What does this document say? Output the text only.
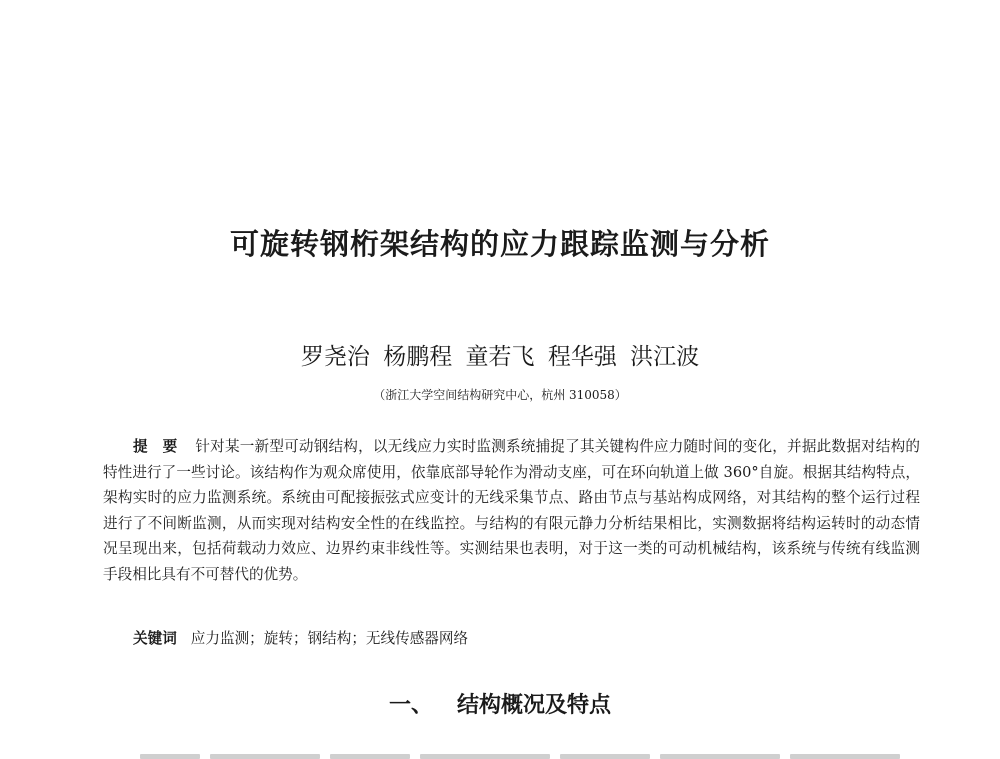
可旋转钢桁架结构的应力跟踪监测与分析
罗尧治 杨鹏程 童若飞 程华强 洪江波
（浙江大学空间结构研究中心，杭州 310058）
提　要 针对某一新型可动钢结构，以无线应力实时监测系统捕捉了其关键构件应力随时间的变化，并据此数据对结构的特性进行了一些讨论。该结构作为观众席使用，依靠底部导轮作为滑动支座，可在环向轨道上做 360°自旋。根据其结构特点，架构实时的应力监测系统。系统由可配接振弦式应变计的无线采集节点、路由节点与基站构成网络，对其结构的整个运行过程进行了不间断监测，从而实现对结构安全性的在线监控。与结构的有限元静力分析结果相比，实测数据将结构运转时的动态情况呈现出来，包括荷载动力效应、边界约束非线性等。实测结果也表明，对于这一类的可动机械结构，该系统与传统有线监测手段相比具有不可替代的优势。
关键词 应力监测；旋转；钢结构；无线传感器网络
一、 结构概况及特点
